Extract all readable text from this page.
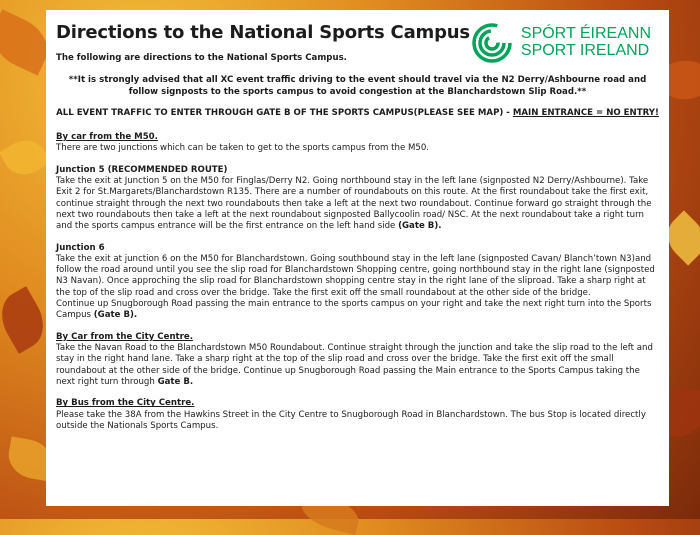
Directions to the National Sports Campus	SPÓRT ÉIREANN
SPORT IRELAND

The following are directions to the National Sports Campus.

**It is strongly advised that all XC event traffic driving to the event should travel via the N2 Derry/Ashbourne road and follow signposts to the sports campus to avoid congestion at the Blanchardstown Slip Road.**

ALL EVENT TRAFFIC TO ENTER THROUGH GATE B OF THE SPORTS CAMPUS(PLEASE SEE MAP) - MAIN ENTRANCE = NO ENTRY!

By car from the M50.

There are two junctions which can be taken to get to the sports campus from the M50.

Junction 5 (RECOMMENDED ROUTE)

Take the exit at Junction 5 on the M50 for Finglas/Derry N2. Going northbound stay in the left lane (signposted N2 Derry/Ashbourne). Take Exit 2 for St.Margarets/Blanchardstown R135. There are a number of roundabouts on this route. At the first roundabout take the first exit, continue straight through the next two roundabouts then take a left at the next two roundabout. Continue forward go straight through the next two roundabouts then take a left at the next roundabout signposted Ballycoolin road/ NSC. At the next roundabout take a right turn and the sports campus entrance will be the first entrance on the left hand side (Gate B).

Junction 6

Take the exit at junction 6 on the M50 for Blanchardstown. Going southbound stay in the left lane (signposted Cavan/ Blanch’town N3)and follow the road around until you see the slip road for Blanchardstown Shopping centre, going northbound stay in the right lane (signposted N3 Navan). Once approching the slip road for Blanchardstown shopping centre stay in the right lane of the sliproad. Take a sharp right at the top of the slip road and cross over the bridge. Take the first exit off the small roundabout at the other side of the bridge.
Continue up Snugborough Road passing the main entrance to the sports campus on your right and take the next right turn into the Sports Campus (Gate B).

By Car from the City Centre.

Take the Navan Road to the Blanchardstown M50 Roundabout. Continue straight through the junction and take the slip road to the left and stay in the right hand lane. Take a sharp right at the top of the slip road and cross over the bridge. Take the first exit off the small roundabout at the other side of the bridge. Continue up Snugborough Road passing the Main entrance to the Sports Campus taking the next right turn through Gate B.

By Bus from the City Centre.

Please take the 38A from the Hawkins Street in the City Centre to Snugborough Road in Blanchardstown. The bus Stop is located directly outside the Nationals Sports Campus.
